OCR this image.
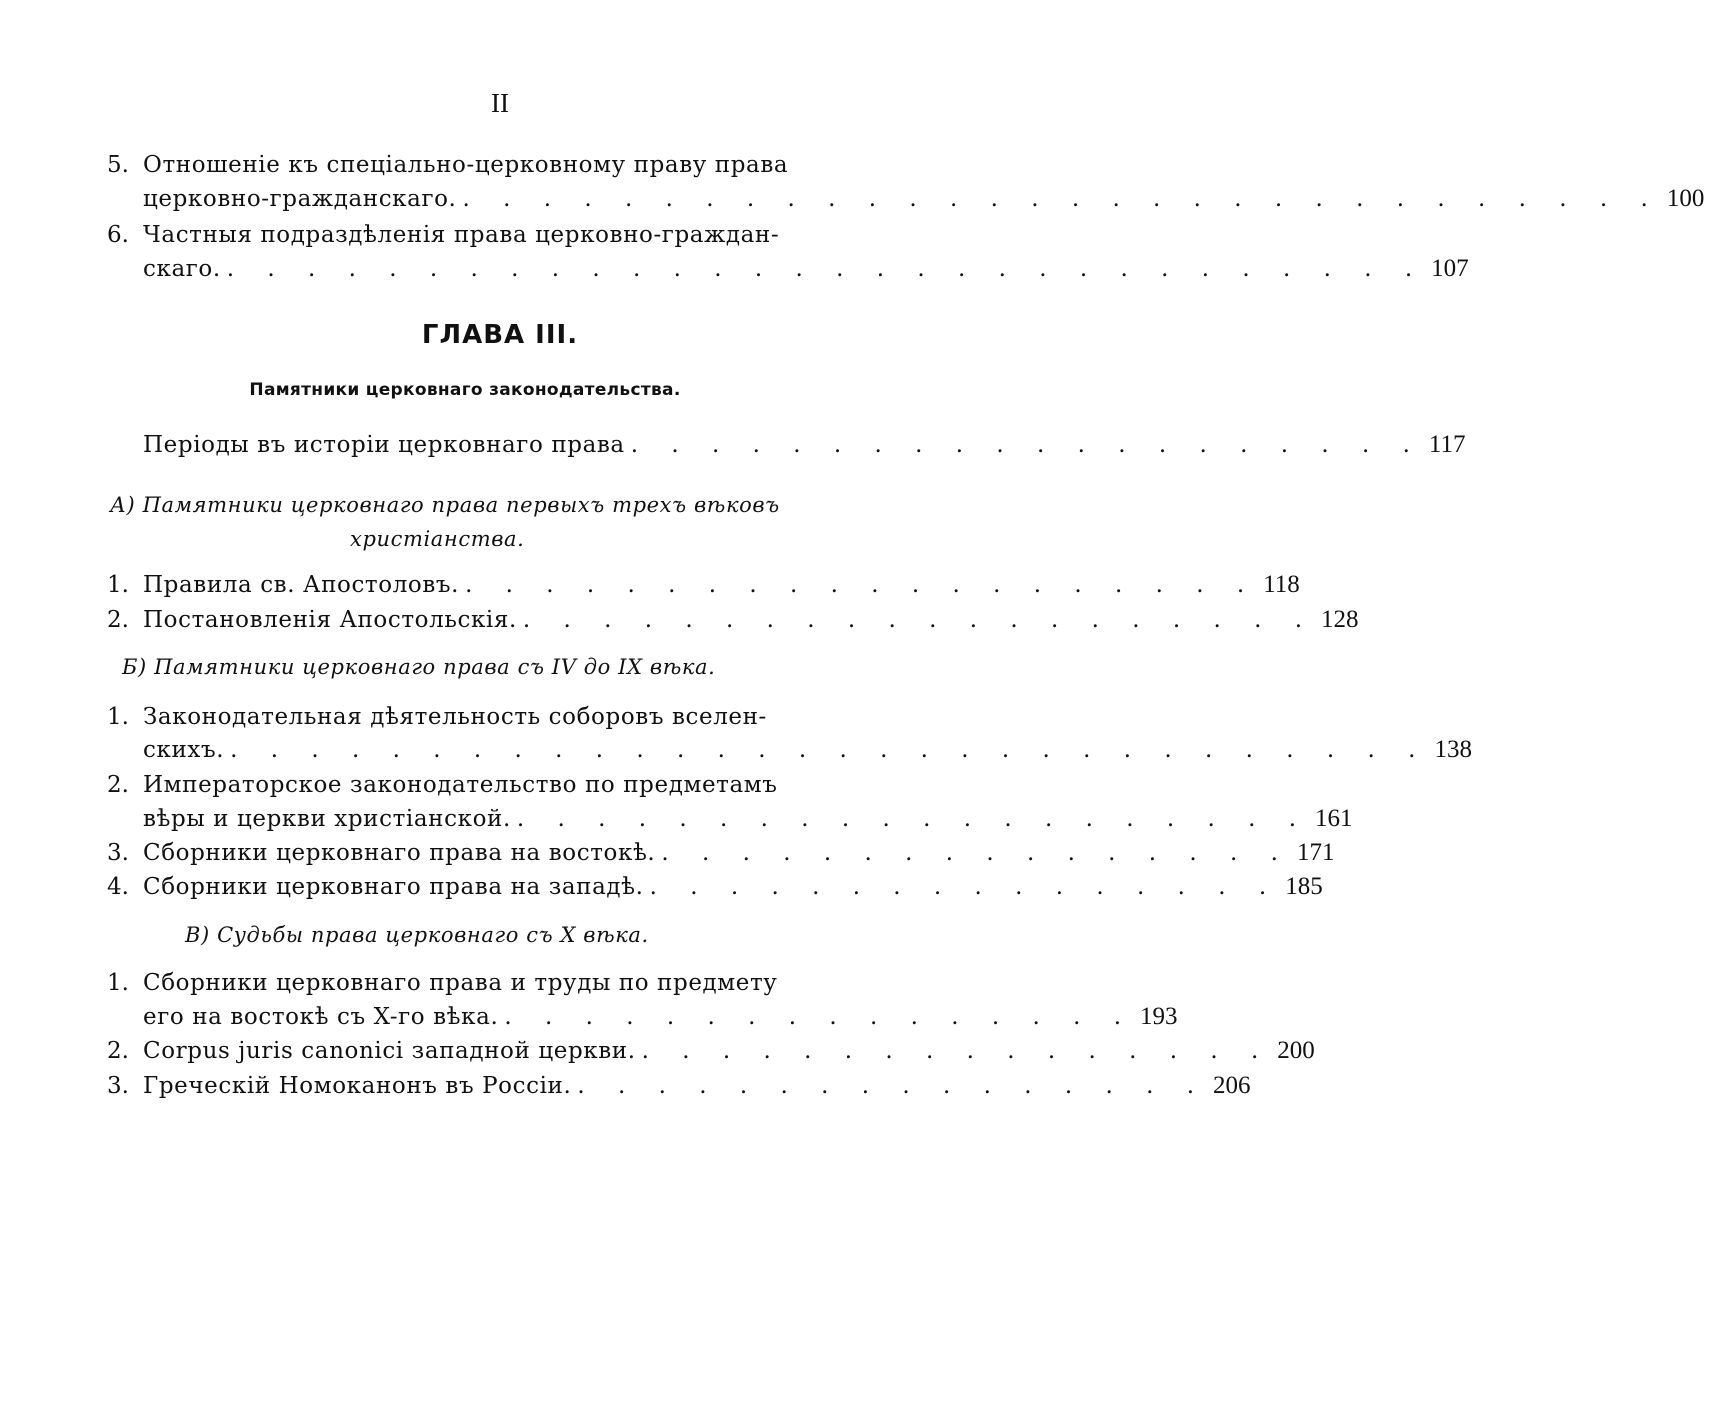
II
5. Отношеніе къ спеціально-церковному праву права
церковно-гражданскаго. . . . . . . . . . . . . . . . . . . . . . . . . . . . . . . 100
6. Частныя подраздѣленія права церковно-граждан-
скаго. . . . . . . . . . . . . . . . . . . . . . . . . . . . . . . 107
ГЛАВА III.
Памятники церковнаго законодательства.
Періоды въ исторіи церковнаго права . . . . . . . . . . . . . . . . . . . . 117
А) Памятники церковнаго права первыхъ трехъ вѣковъ
христіанства.
1. Правила св. Апостоловъ. . . . . . . . . . . . . . . . . . . . . 118
2. Постановленія Апостольскія. . . . . . . . . . . . . . . . . . . . . 128
Б) Памятники церковнаго права съ IV до IX вѣка.
1. Законодательная дѣятельность соборовъ вселен-
скихъ. . . . . . . . . . . . . . . . . . . . . . . . . . . . . . . 138
2. Императорское законодательство по предметамъ
вѣры и церкви христіанской. . . . . . . . . . . . . . . . . . . . . 161
3. Сборники церковнаго права на востокѣ. . . . . . . . . . . . . . . . . 171
4. Сборники церковнаго права на западѣ. . . . . . . . . . . . . . . . . 185
В) Судьбы права церковнаго съ X вѣка.
1. Сборники церковнаго права и труды по предмету
его на востокѣ съ X-го вѣка. . . . . . . . . . . . . . . . . 193
2. Corpus juris canonici западной церкви. . . . . . . . . . . . . . . . . 200
3. Греческій Номоканонъ въ Россіи. . . . . . . . . . . . . . . . . 206
